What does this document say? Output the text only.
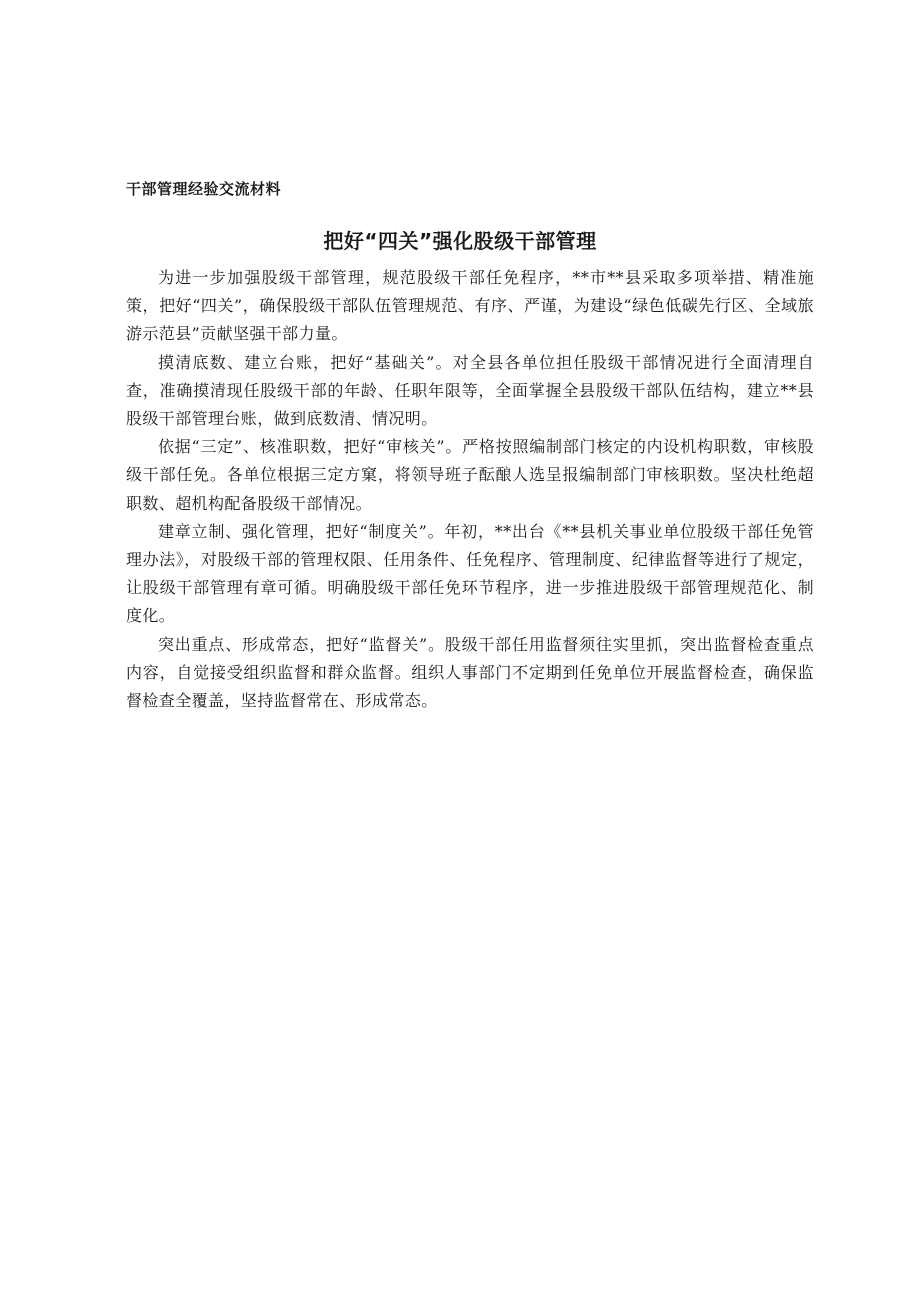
干部管理经验交流材料
把好“四关”强化股级干部管理

为进一步加强股级干部管理，规范股级干部任免程序，**市**县采取多项举措、精准施策，把好“四关”，确保股级干部队伍管理规范、有序、严谨，为建设“绿色低碳先行区、全域旅游示范县”贡献坚强干部力量。

摸清底数、建立台账，把好“基础关”。对全县各单位担任股级干部情况进行全面清理自查，准确摸清现任股级干部的年龄、任职年限等，全面掌握全县股级干部队伍结构，建立**县股级干部管理台账，做到底数清、情况明。

依据“三定”、核准职数，把好“审核关”。严格按照编制部门核定的内设机构职数，审核股级干部任免。各单位根据三定方窠，将领导班子酝酿人选呈报编制部门审核职数。坚决杜绝超职数、超机构配备股级干部情况。

建章立制、强化管理，把好“制度关”。年初，**出台《**县机关事业单位股级干部任免管理办法》，对股级干部的管理权限、任用条件、任免程序、管理制度、纪律监督等进行了规定，让股级干部管理有章可循。明确股级干部任免环节程序，进一步推进股级干部管理规范化、制度化。

突出重点、形成常态，把好“监督关”。股级干部任用监督须往实里抓，突出监督检查重点内容，自觉接受组织监督和群众监督。组织人事部门不定期到任免单位开展监督检查，确保监督检查全覆盖，坚持监督常在、形成常态。
